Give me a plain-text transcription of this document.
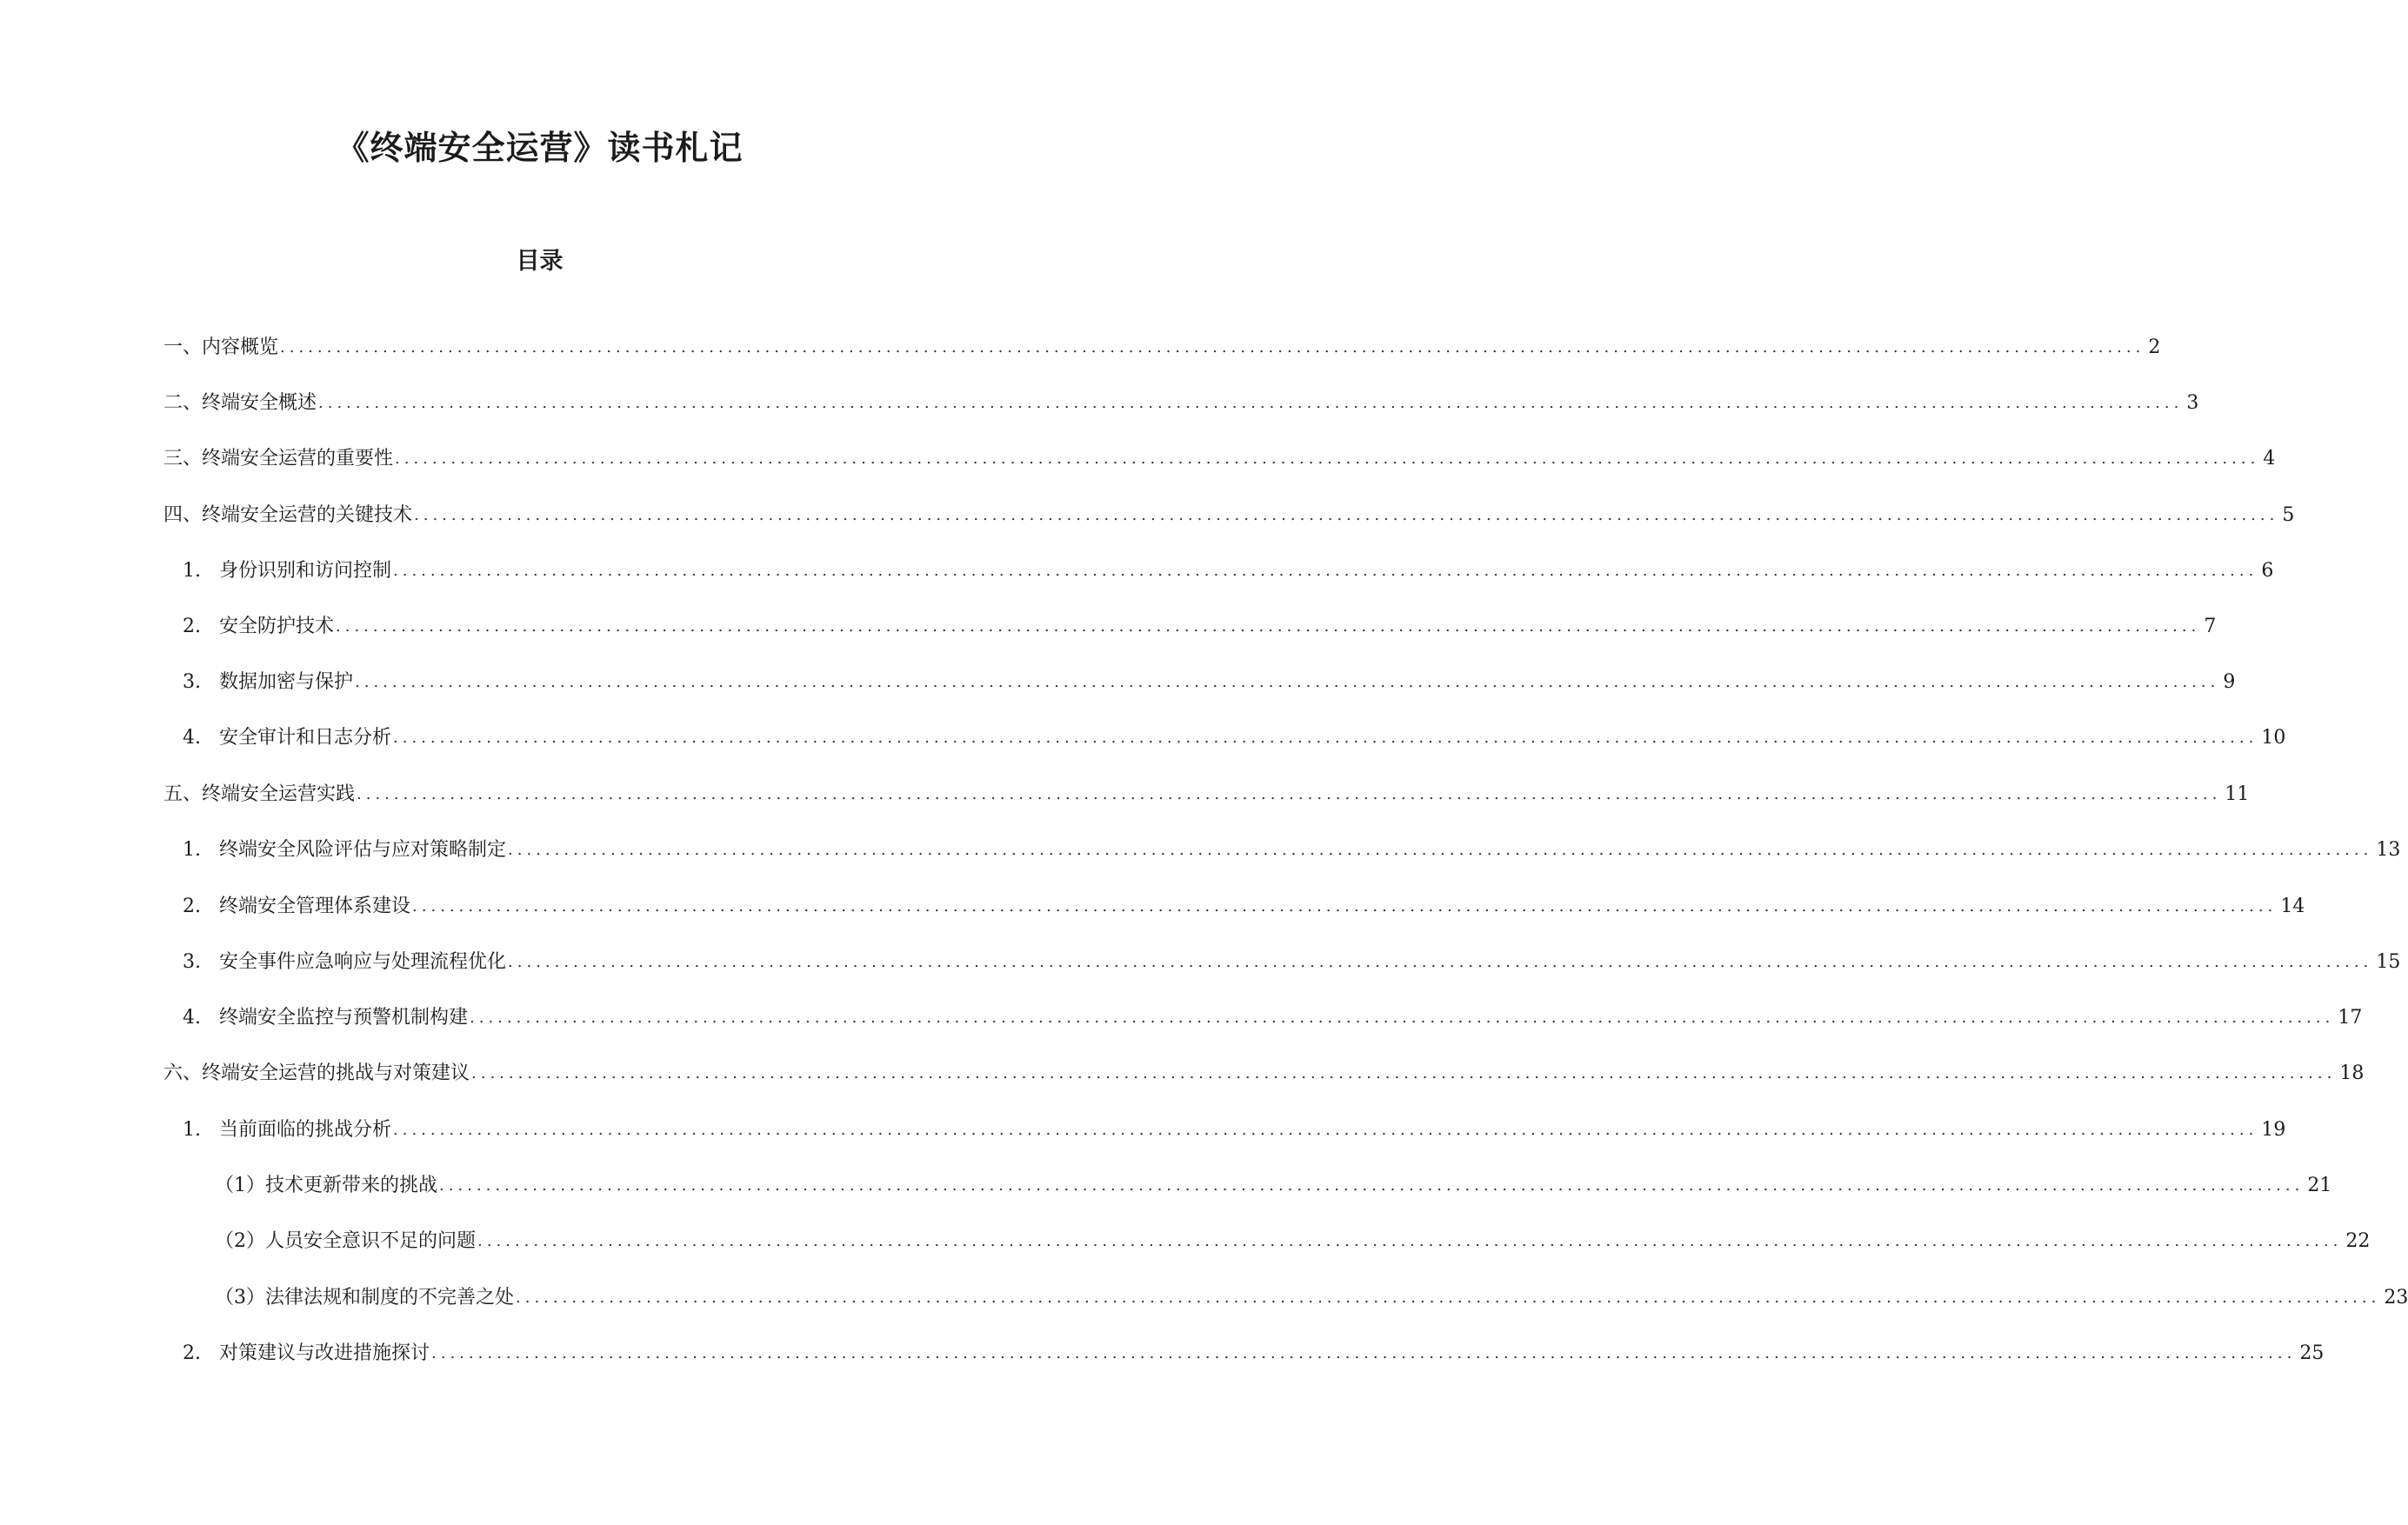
《终端安全运营》读书札记
目录
一、内容概览 ........................................................................................................................................................................................................ 2
二、终端安全概述 ........................................................................................................................................................................................................ 3
三、终端安全运营的重要性 ........................................................................................................................................................................................................ 4
四、终端安全运营的关键技术 ........................................................................................................................................................................................................ 5
1. 身份识别和访问控制 ........................................................................................................................................................................................................ 6
2. 安全防护技术 ........................................................................................................................................................................................................ 7
3. 数据加密与保护 ........................................................................................................................................................................................................ 9
4. 安全审计和日志分析 ........................................................................................................................................................................................................ 10
五、终端安全运营实践 ........................................................................................................................................................................................................ 11
1. 终端安全风险评估与应对策略制定 ........................................................................................................................................................................................................ 13
2. 终端安全管理体系建设 ........................................................................................................................................................................................................ 14
3. 安全事件应急响应与处理流程优化 ........................................................................................................................................................................................................ 15
4. 终端安全监控与预警机制构建 ........................................................................................................................................................................................................ 17
六、终端安全运营的挑战与对策建议 ........................................................................................................................................................................................................ 18
1. 当前面临的挑战分析 ........................................................................................................................................................................................................ 19
（1）技术更新带来的挑战 ........................................................................................................................................................................................................ 21
（2）人员安全意识不足的问题 ........................................................................................................................................................................................................ 22
（3）法律法规和制度的不完善之处 ........................................................................................................................................................................................................ 23
2. 对策建议与改进措施探讨 ........................................................................................................................................................................................................ 25
